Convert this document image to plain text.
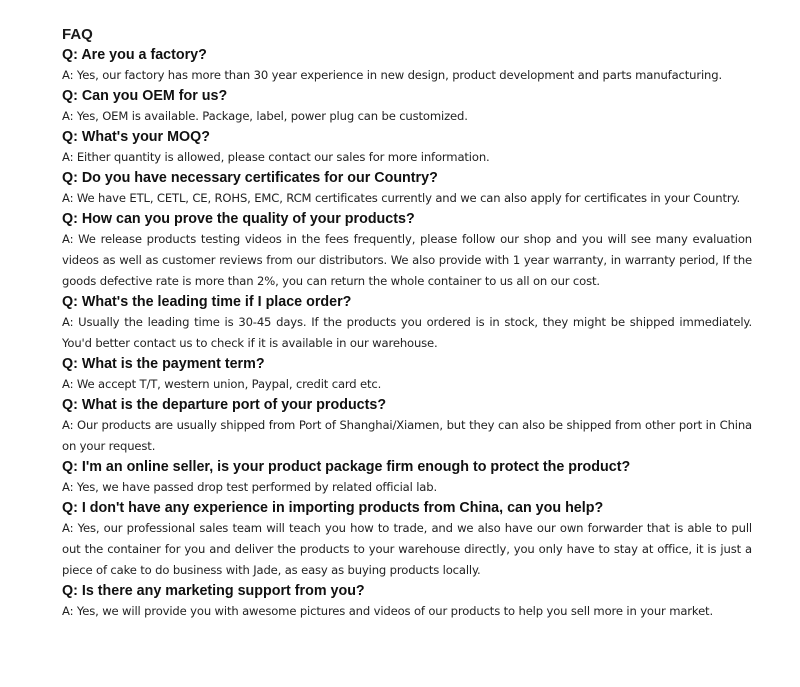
FAQ
Q: Are you a factory?
A: Yes, our factory has more than 30 year experience in new design, product development and parts manufacturing.
Q: Can you OEM for us?
A: Yes, OEM is available. Package, label, power plug can be customized.
Q: What's your MOQ?
A: Either quantity is allowed, please contact our sales for more information.
Q: Do you have necessary certificates for our Country?
A: We have ETL, CETL, CE, ROHS, EMC, RCM certificates currently and we can also apply for certificates in your Country.
Q: How can you prove the quality of your products?
A: We release products testing videos in the fees frequently, please follow our shop and you will see many evaluation videos as well as customer reviews from our distributors. We also provide with 1 year warranty, in warranty period, If the goods defective rate is more than 2%, you can return the whole container to us all on our cost.
Q: What's the leading time if I place order?
A: Usually the leading time is 30-45 days. If the products you ordered is in stock, they might be shipped immediately. You'd better contact us to check if it is available in our warehouse.
Q: What is the payment term?
A: We accept T/T, western union, Paypal, credit card etc.
Q: What is the departure port of your products?
A: Our products are usually shipped from Port of Shanghai/Xiamen, but they can also be shipped from other port in China on your request.
Q: I'm an online seller, is your product package firm enough to protect the product?
A: Yes, we have passed drop test performed by related official lab.
Q: I don't have any experience in importing products from China, can you help?
A: Yes, our professional sales team will teach you how to trade, and we also have our own forwarder that is able to pull out the container for you and deliver the products to your warehouse directly, you only have to stay at office, it is just a piece of cake to do business with Jade, as easy as buying products locally.
Q: Is there any marketing support from you?
A: Yes, we will provide you with awesome pictures and videos of our products to help you sell more in your market.
